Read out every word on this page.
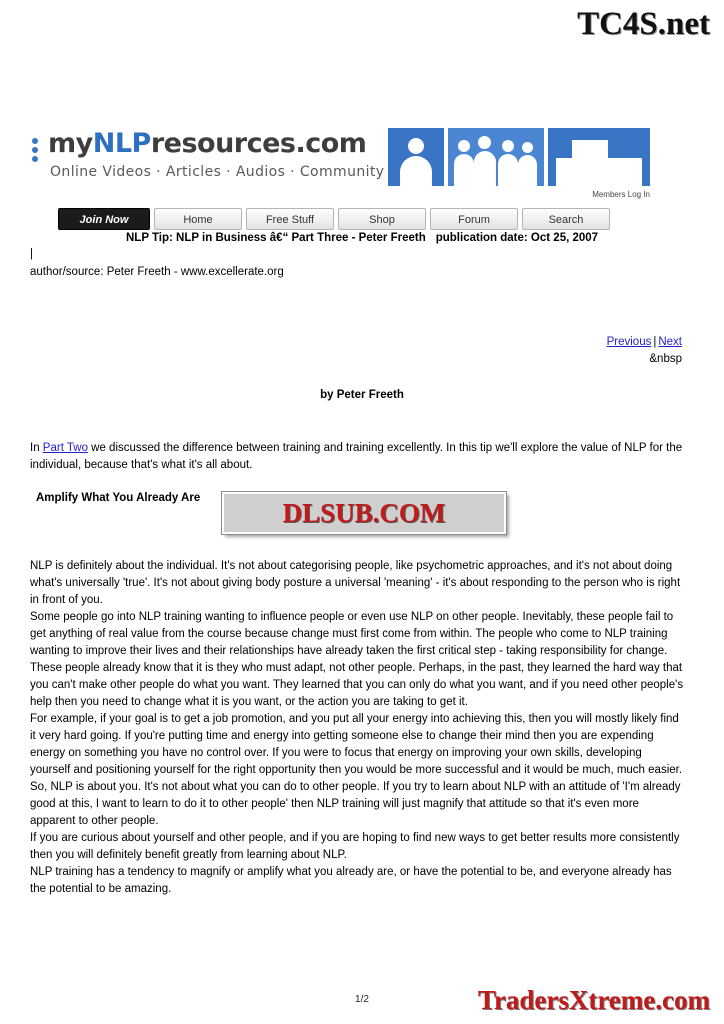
TC4S.net
myNLPresources.com
Online Videos · Articles · Audios · Community
Members Log In
Join Now	Home	Free Stuff	Shop	Forum	Search
NLP Tip: NLP in Business â€“ Part Three - Peter Freeth publication date: Oct 25, 2007
|
author/source: Peter Freeth - www.excellerate.org
Previous | Next
&nbsp
by Peter Freeth

In Part Two we discussed the difference between training and training excellently. In this tip we'll explore the value of NLP for the individual, because that's what it's all about.

Amplify What You Already Are	DLSUB.COM

NLP is definitely about the individual. It's not about categorising people, like psychometric approaches, and it's not about doing what's universally 'true'. It's not about giving body posture a universal 'meaning' - it's about responding to the person who is right in front of you.

Some people go into NLP training wanting to influence people or even use NLP on other people. Inevitably, these people fail to get anything of real value from the course because change must first come from within. The people who come to NLP training wanting to improve their lives and their relationships have already taken the first critical step - taking responsibility for change. These people already know that it is they who must adapt, not other people. Perhaps, in the past, they learned the hard way that you can't make other people do what you want. They learned that you can only do what you want, and if you need other people's help then you need to change what it is you want, or the action you are taking to get it.

For example, if your goal is to get a job promotion, and you put all your energy into achieving this, then you will mostly likely find it very hard going. If you're putting time and energy into getting someone else to change their mind then you are expending energy on something you have no control over. If you were to focus that energy on improving your own skills, developing yourself and positioning yourself for the right opportunity then you would be more successful and it would be much, much easier.

So, NLP is about you. It's not about what you can do to other people. If you try to learn about NLP with an attitude of 'I'm already good at this, I want to learn to do it to other people' then NLP training will just magnify that attitude so that it's even more apparent to other people.

If you are curious about yourself and other people, and if you are hoping to find new ways to get better results more consistently then you will definitely benefit greatly from learning about NLP.

NLP training has a tendency to magnify or amplify what you already are, or have the potential to be, and everyone already has the potential to be amazing.

1/2	TradersXtreme.com
